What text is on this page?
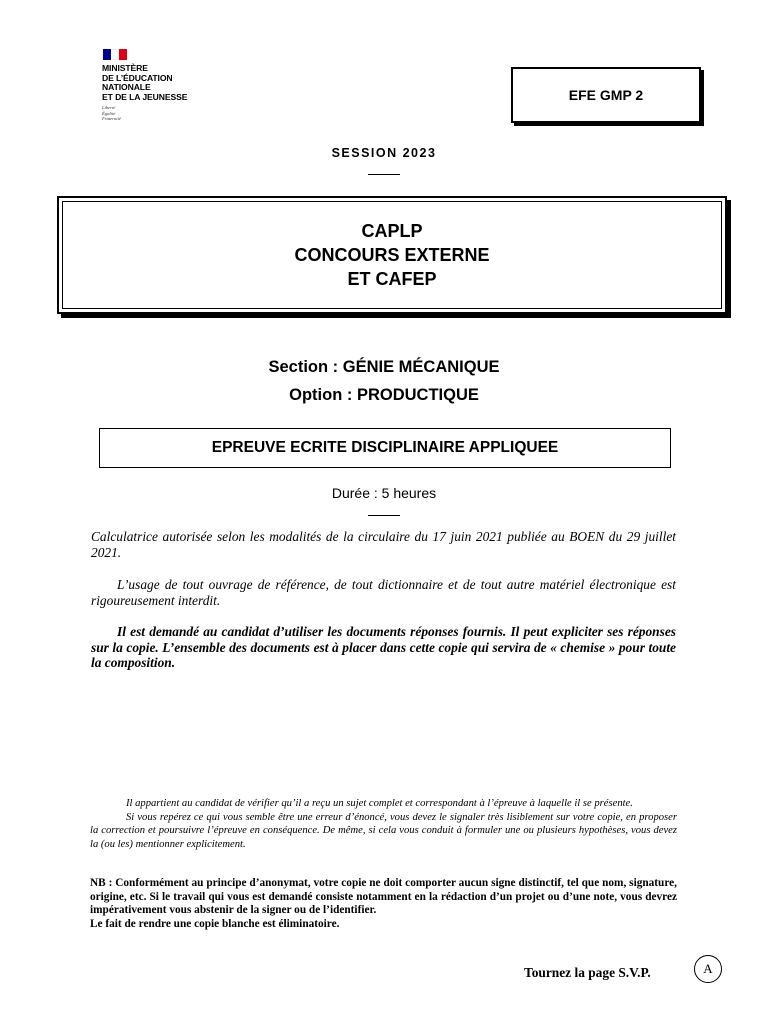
MINISTÈRE
DE L’ÉDUCATION
NATIONALE
ET DE LA JEUNESSE
Liberté
Égalité
Fraternité
EFE GMP 2
SESSION 2023
CAPLP
CONCOURS EXTERNE
ET CAFEP
Section : GÉNIE MÉCANIQUE
Option : PRODUCTIQUE
EPREUVE ECRITE DISCIPLINAIRE APPLIQUEE
Durée : 5 heures
Calculatrice autorisée selon les modalités de la circulaire du 17 juin 2021 publiée au BOEN du 29 juillet 2021.
L’usage de tout ouvrage de référence, de tout dictionnaire et de tout autre matériel électronique est rigoureusement interdit.
Il est demandé au candidat d’utiliser les documents réponses fournis. Il peut expliciter ses réponses sur la copie. L’ensemble des documents est à placer dans cette copie qui servira de « chemise » pour toute la composition.

Il appartient au candidat de vérifier qu’il a reçu un sujet complet et correspondant à l’épreuve à laquelle il se présente.

Si vous repérez ce qui vous semble être une erreur d’énoncé, vous devez le signaler très lisiblement sur votre copie, en proposer la correction et poursuivre l’épreuve en conséquence. De même, si cela vous conduit à formuler une ou plusieurs hypothèses, vous devez la (ou les) mentionner explicitement.

NB : Conformément au principe d’anonymat, votre copie ne doit comporter aucun signe distinctif, tel que nom, signature, origine, etc. Si le travail qui vous est demandé consiste notamment en la rédaction d’un projet ou d’une note, vous devrez impérativement vous abstenir de la signer ou de l’identifier.

Le fait de rendre une copie blanche est éliminatoire.

Tournez la page S.V.P.	A
